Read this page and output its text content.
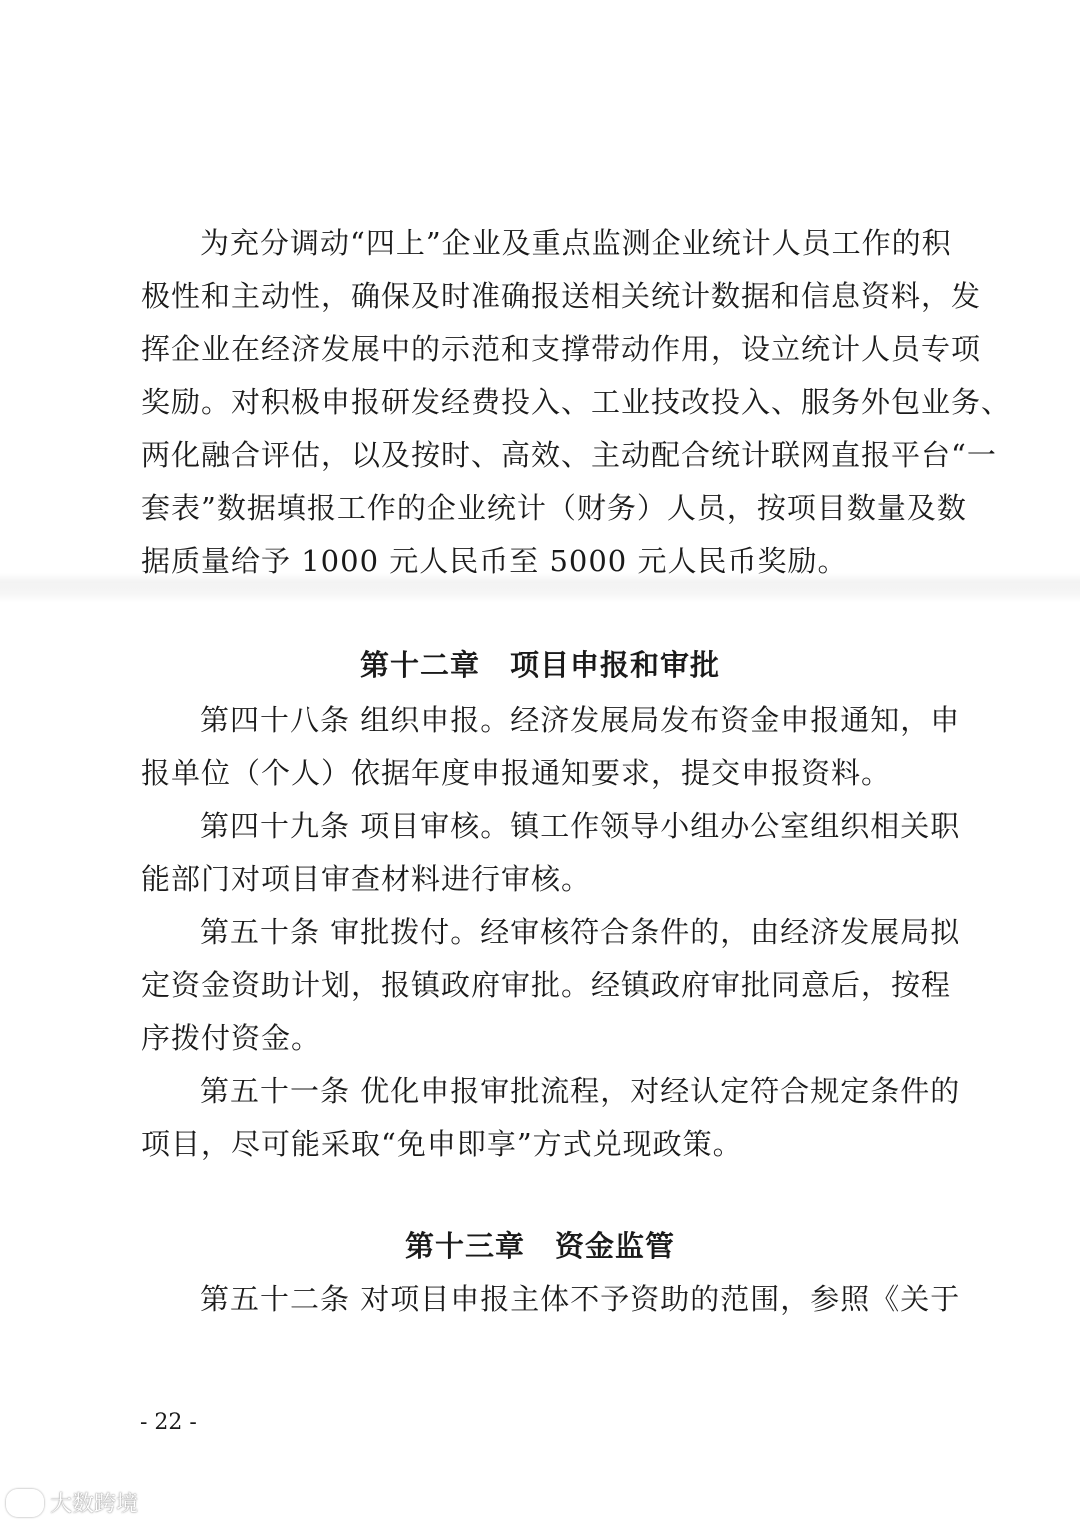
为充分调动“四上”企业及重点监测企业统计人员工作的积
极性和主动性，确保及时准确报送相关统计数据和信息资料，发
挥企业在经济发展中的示范和支撑带动作用，设立统计人员专项
奖励。对积极申报研发经费投入、工业技改投入、服务外包业务、
两化融合评估，以及按时、高效、主动配合统计联网直报平台“一
套表”数据填报工作的企业统计（财务）人员，按项目数量及数
据质量给予 1000 元人民币至 5000 元人民币奖励。
第十二章　项目申报和审批
第四十八条 组织申报。经济发展局发布资金申报通知，申
报单位（个人）依据年度申报通知要求，提交申报资料。
第四十九条 项目审核。镇工作领导小组办公室组织相关职
能部门对项目审查材料进行审核。
第五十条 审批拨付。经审核符合条件的，由经济发展局拟
定资金资助计划，报镇政府审批。经镇政府审批同意后，按程
序拨付资金。
第五十一条 优化申报审批流程，对经认定符合规定条件的
项目，尽可能采取“免申即享”方式兑现政策。
第十三章　资金监管
第五十二条 对项目申报主体不予资助的范围，参照《关于
- 22 -
大数跨境
